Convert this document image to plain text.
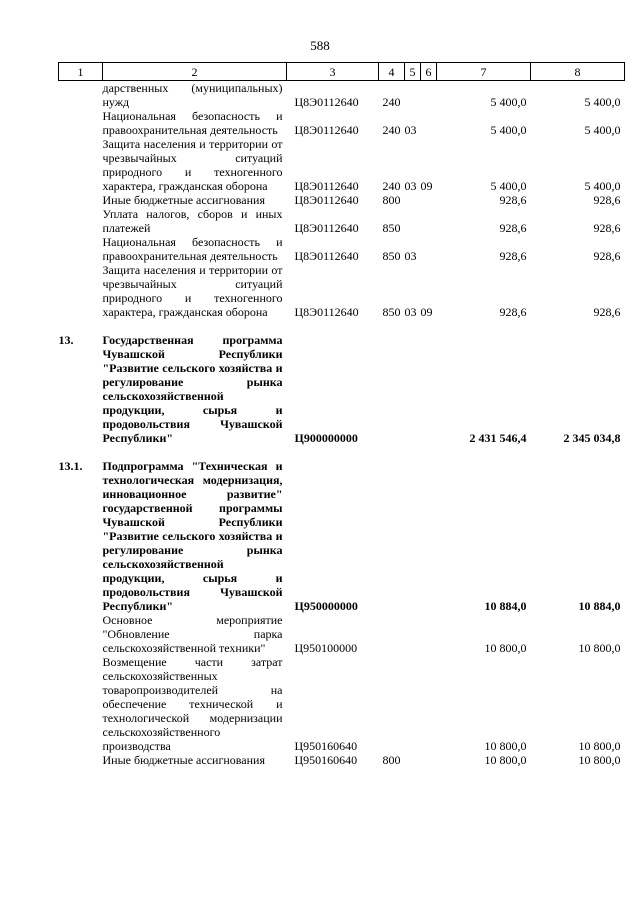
588
1	2	3	4	5	6	7	8

	дарственных (муниципальных) нужд	Ц8Э0112640	240			5 400,0	5 400,0

	Национальная безопасность и правоохранительная деятельность	Ц8Э0112640	240	03		5 400,0	5 400,0

	Защита населения и территории от чрезвычайных ситуаций природного и техногенного характера, гражданская оборона	Ц8Э0112640	240	03	09	5 400,0	5 400,0

	Иные бюджетные ассигнования	Ц8Э0112640	800			928,6	928,6

	Уплата налогов, сборов и иных платежей	Ц8Э0112640	850			928,6	928,6

	Национальная безопасность и правоохранительная деятельность	Ц8Э0112640	850	03		928,6	928,6

	Защита населения и территории от чрезвычайных ситуаций природного и техногенного характера, гражданская оборона	Ц8Э0112640	850	03	09	928,6	928,6

13.	Государственная программа Чувашской Республики "Развитие сельского хозяйства и регулирование рынка сельскохозяйственной продукции, сырья и продовольствия Чувашской Республики"	Ц900000000				2 431 546,4	2 345 034,8

13.1.	Подпрограмма "Техническая и технологическая модернизация, инновационное развитие" государственной программы Чувашской Республики "Развитие сельского хозяйства и регулирование рынка сельскохозяйственной продукции, сырья и продовольствия Чувашской Республики"	Ц950000000				10 884,0	10 884,0

	Основное мероприятие "Обновление парка сельскохозяйственной техники"	Ц950100000				10 800,0	10 800,0

	Возмещение части затрат сельскохозяйственных товаропроизводителей на обеспечение технической и технологической модернизации сельскохозяйственного производства	Ц950160640				10 800,0	10 800,0

	Иные бюджетные ассигнования	Ц950160640	800			10 800,0	10 800,0
